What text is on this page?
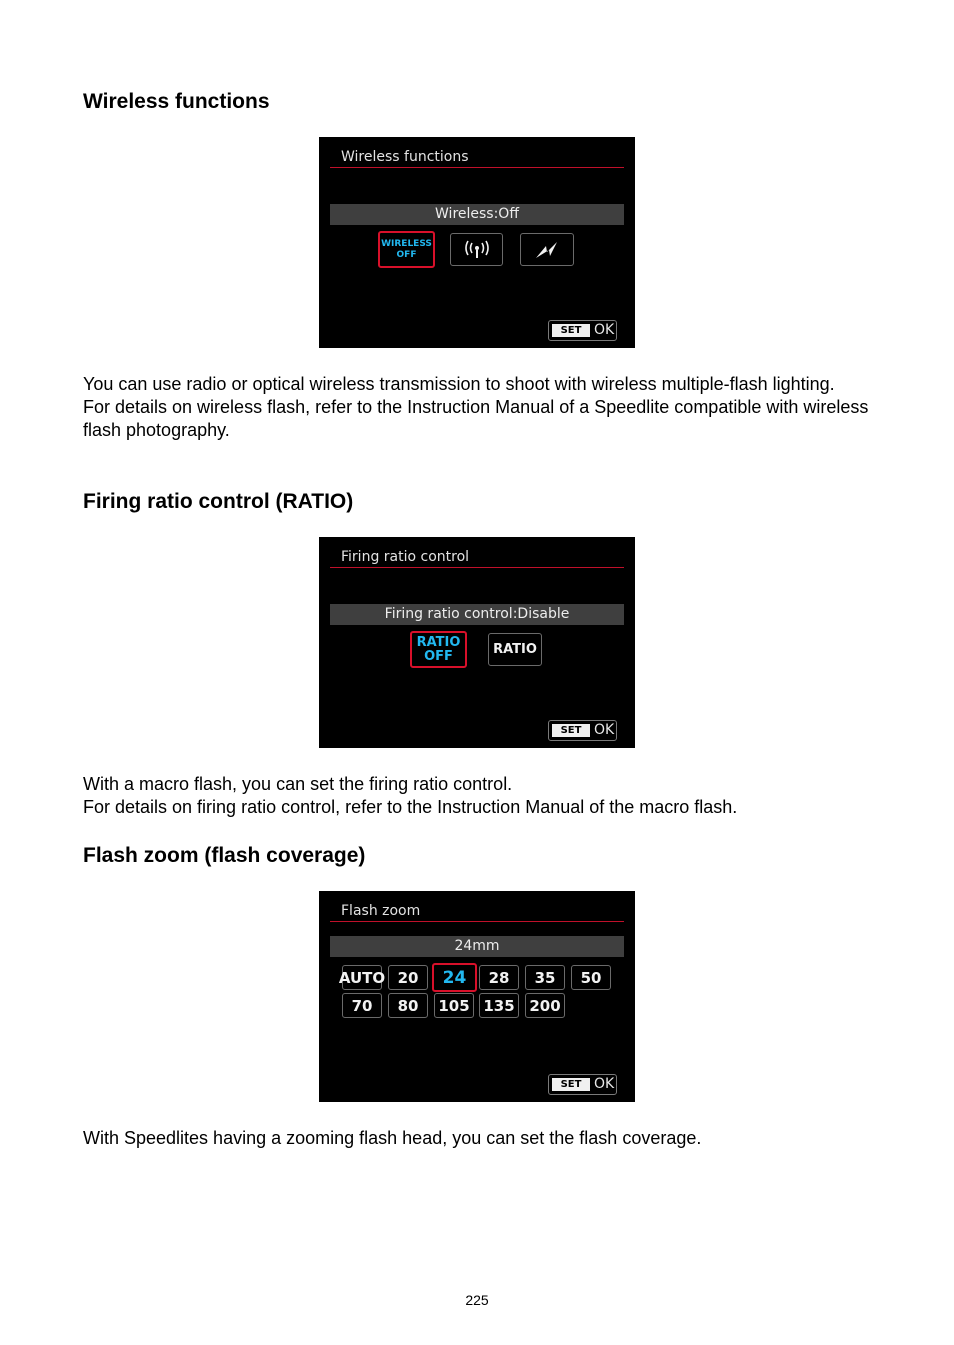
Wireless functions
Wireless functions
Wireless:Off
WIRELESS OFF
SET OK
You can use radio or optical wireless transmission to shoot with wireless multiple-flash lighting.
For details on wireless flash, refer to the Instruction Manual of a Speedlite compatible with wireless flash photography.
Firing ratio control (RATIO)
Firing ratio control
Firing ratio control:Disable
RATIO
OFF	RATIO
SET OK
With a macro flash, you can set the firing ratio control.
For details on firing ratio control, refer to the Instruction Manual of the macro flash.
Flash zoom (flash coverage)
Flash zoom
24mm
AUTO 20 24 28 35 50
70 80 105 135 200
SET OK
With Speedlites having a zooming flash head, you can set the flash coverage.
225
